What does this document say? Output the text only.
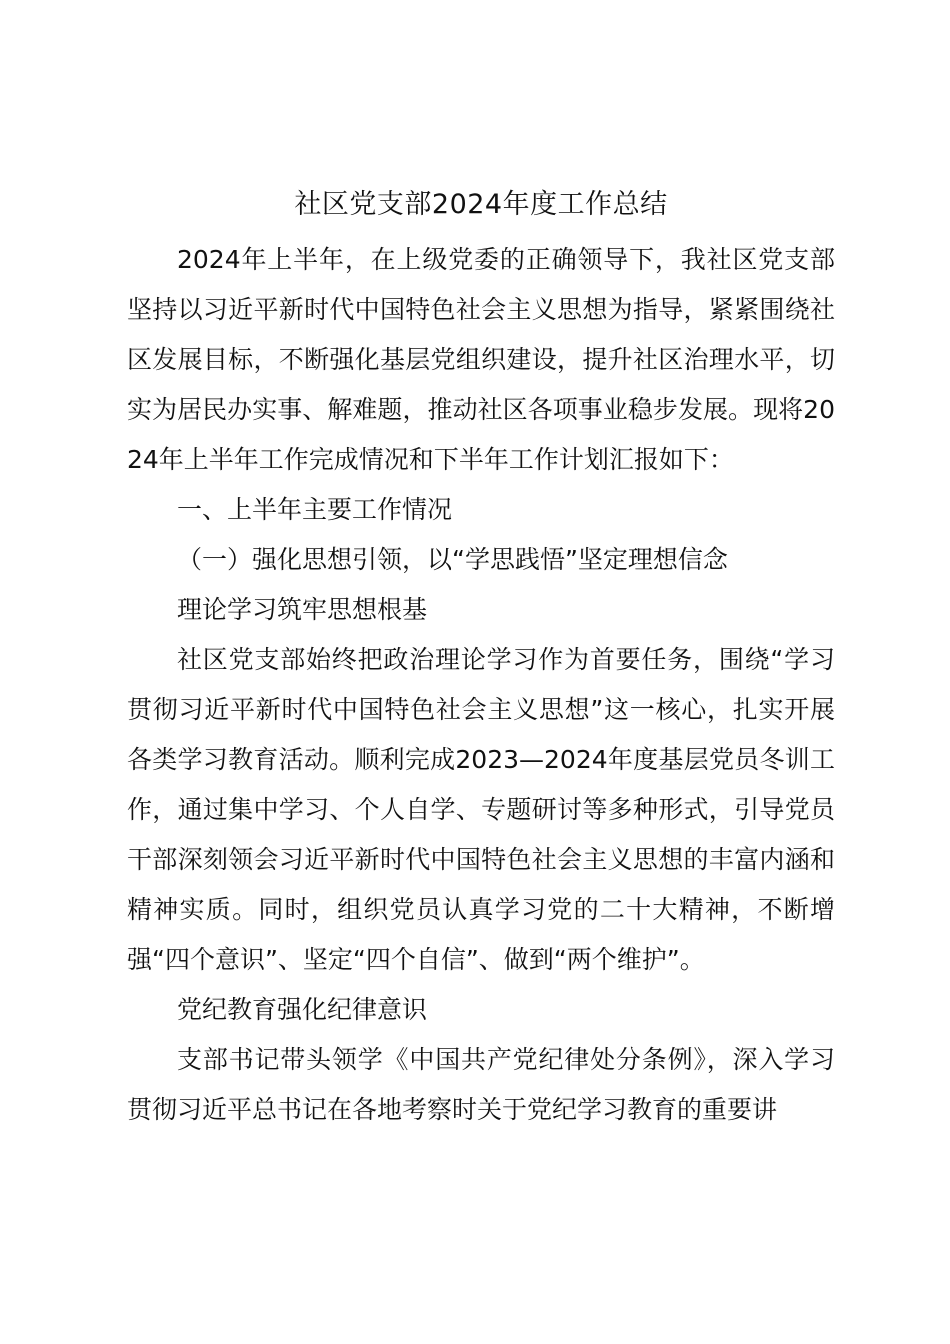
社区党支部2024年度工作总结

2024年上半年，在上级党委的正确领导下，我社区党支部坚持以习近平新时代中国特色社会主义思想为指导，紧紧围绕社区发展目标，不断强化基层党组织建设，提升社区治理水平，切实为居民办实事、解难题，推动社区各项事业稳步发展。现将2024年上半年工作完成情况和下半年工作计划汇报如下：

一、上半年主要工作情况

（一）强化思想引领，以“学思践悟”坚定理想信念

理论学习筑牢思想根基

社区党支部始终把政治理论学习作为首要任务，围绕“学习贯彻习近平新时代中国特色社会主义思想”这一核心，扎实开展各类学习教育活动。顺利完成2023—2024年度基层党员冬训工作，通过集中学习、个人自学、专题研讨等多种形式，引导党员干部深刻领会习近平新时代中国特色社会主义思想的丰富内涵和精神实质。同时，组织党员认真学习党的二十大精神，不断增强“四个意识”、坚定“四个自信”、做到“两个维护”。

党纪教育强化纪律意识

支部书记带头领学《中国共产党纪律处分条例》，深入学习贯彻习近平总书记在各地考察时关于党纪学习教育的重要讲
